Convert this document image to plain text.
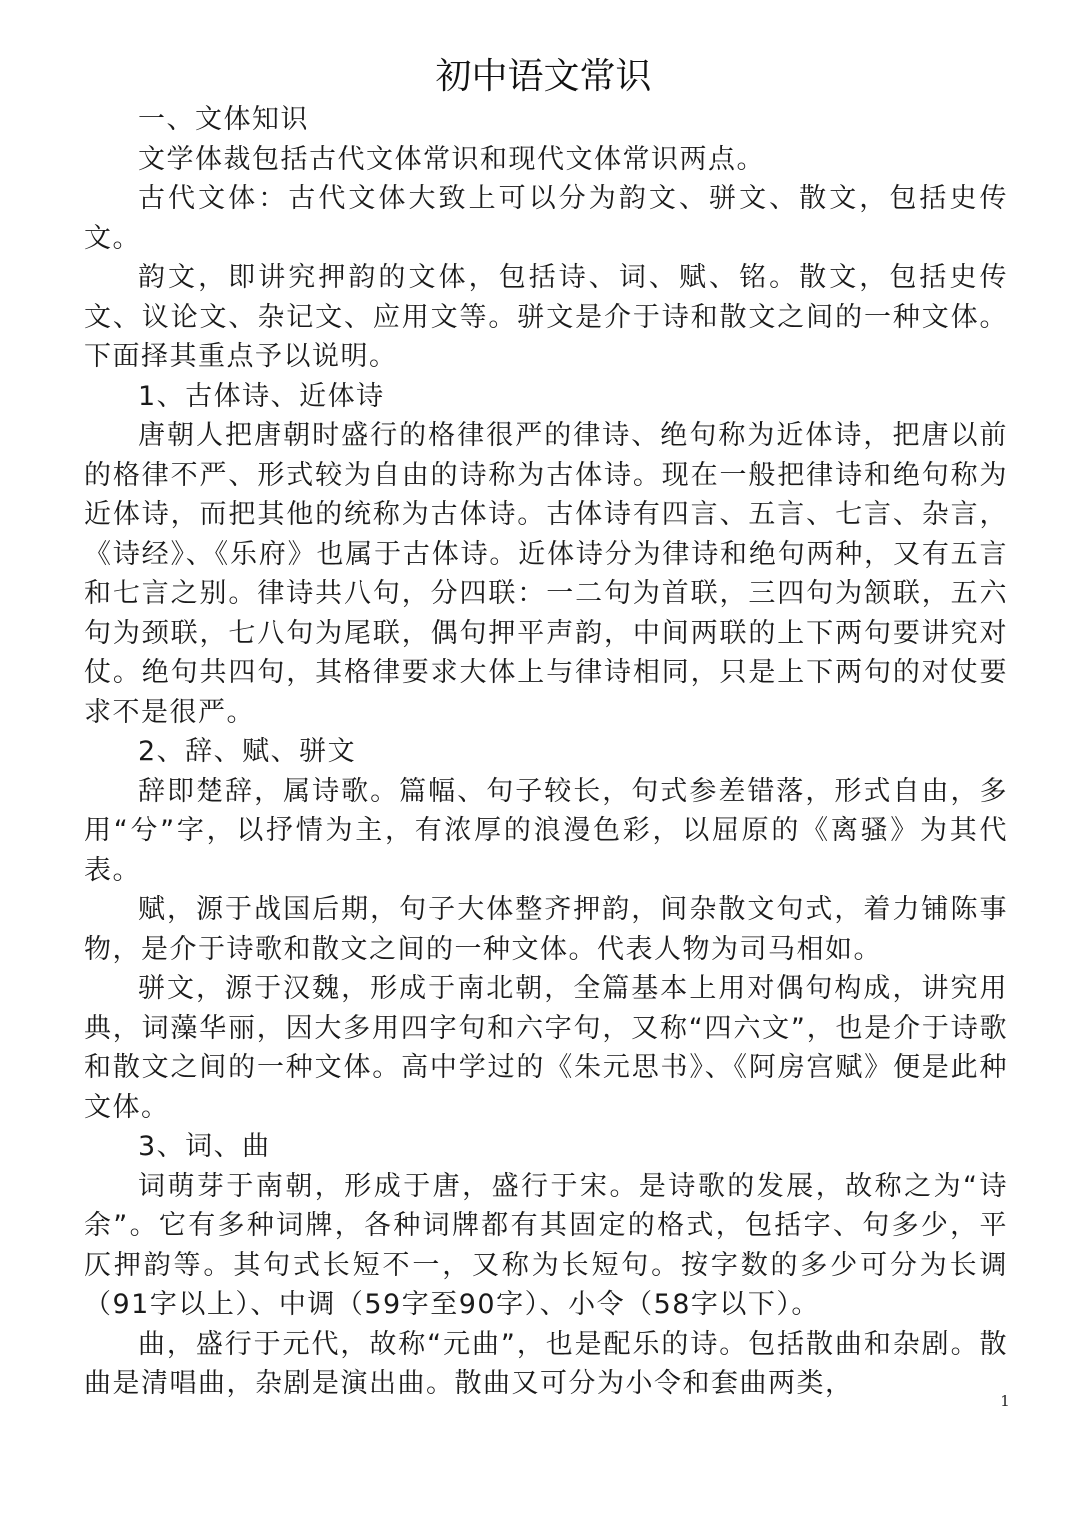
初中语文常识

一、文体知识

文学体裁包括古代文体常识和现代文体常识两点。

古代文体：古代文体大致上可以分为韵文、骈文、散文，包括史传文。

韵文，即讲究押韵的文体，包括诗、词、赋、铭。散文，包括史传文、议论文、杂记文、应用文等。骈文是介于诗和散文之间的一种文体。下面择其重点予以说明。

1、古体诗、近体诗

唐朝人把唐朝时盛行的格律很严的律诗、绝句称为近体诗，把唐以前的格律不严、形式较为自由的诗称为古体诗。现在一般把律诗和绝句称为近体诗，而把其他的统称为古体诗。古体诗有四言、五言、七言、杂言，《诗经》、《乐府》也属于古体诗。近体诗分为律诗和绝句两种，又有五言和七言之别。律诗共八句，分四联：一二句为首联，三四句为颔联，五六句为颈联，七八句为尾联，偶句押平声韵，中间两联的上下两句要讲究对仗。绝句共四句，其格律要求大体上与律诗相同，只是上下两句的对仗要求不是很严。

2、辞、赋、骈文

辞即楚辞，属诗歌。篇幅、句子较长，句式参差错落，形式自由，多用“兮”字，以抒情为主，有浓厚的浪漫色彩，以屈原的《离骚》为其代表。

赋，源于战国后期，句子大体整齐押韵，间杂散文句式，着力铺陈事物，是介于诗歌和散文之间的一种文体。代表人物为司马相如。

骈文，源于汉魏，形成于南北朝，全篇基本上用对偶句构成，讲究用典，词藻华丽，因大多用四字句和六字句，又称“四六文”，也是介于诗歌和散文之间的一种文体。高中学过的《朱元思书》、《阿房宫赋》便是此种文体。

3、词、曲

词萌芽于南朝，形成于唐，盛行于宋。是诗歌的发展，故称之为“诗余”。它有多种词牌，各种词牌都有其固定的格式，包括字、句多少，平仄押韵等。其句式长短不一，又称为长短句。按字数的多少可分为长调（91字以上）、中调（59字至90字）、小令（58字以下）。

曲，盛行于元代，故称“元曲”，也是配乐的诗。包括散曲和杂剧。散曲是清唱曲，杂剧是演出曲。散曲又可分为小令和套曲两类，

1
